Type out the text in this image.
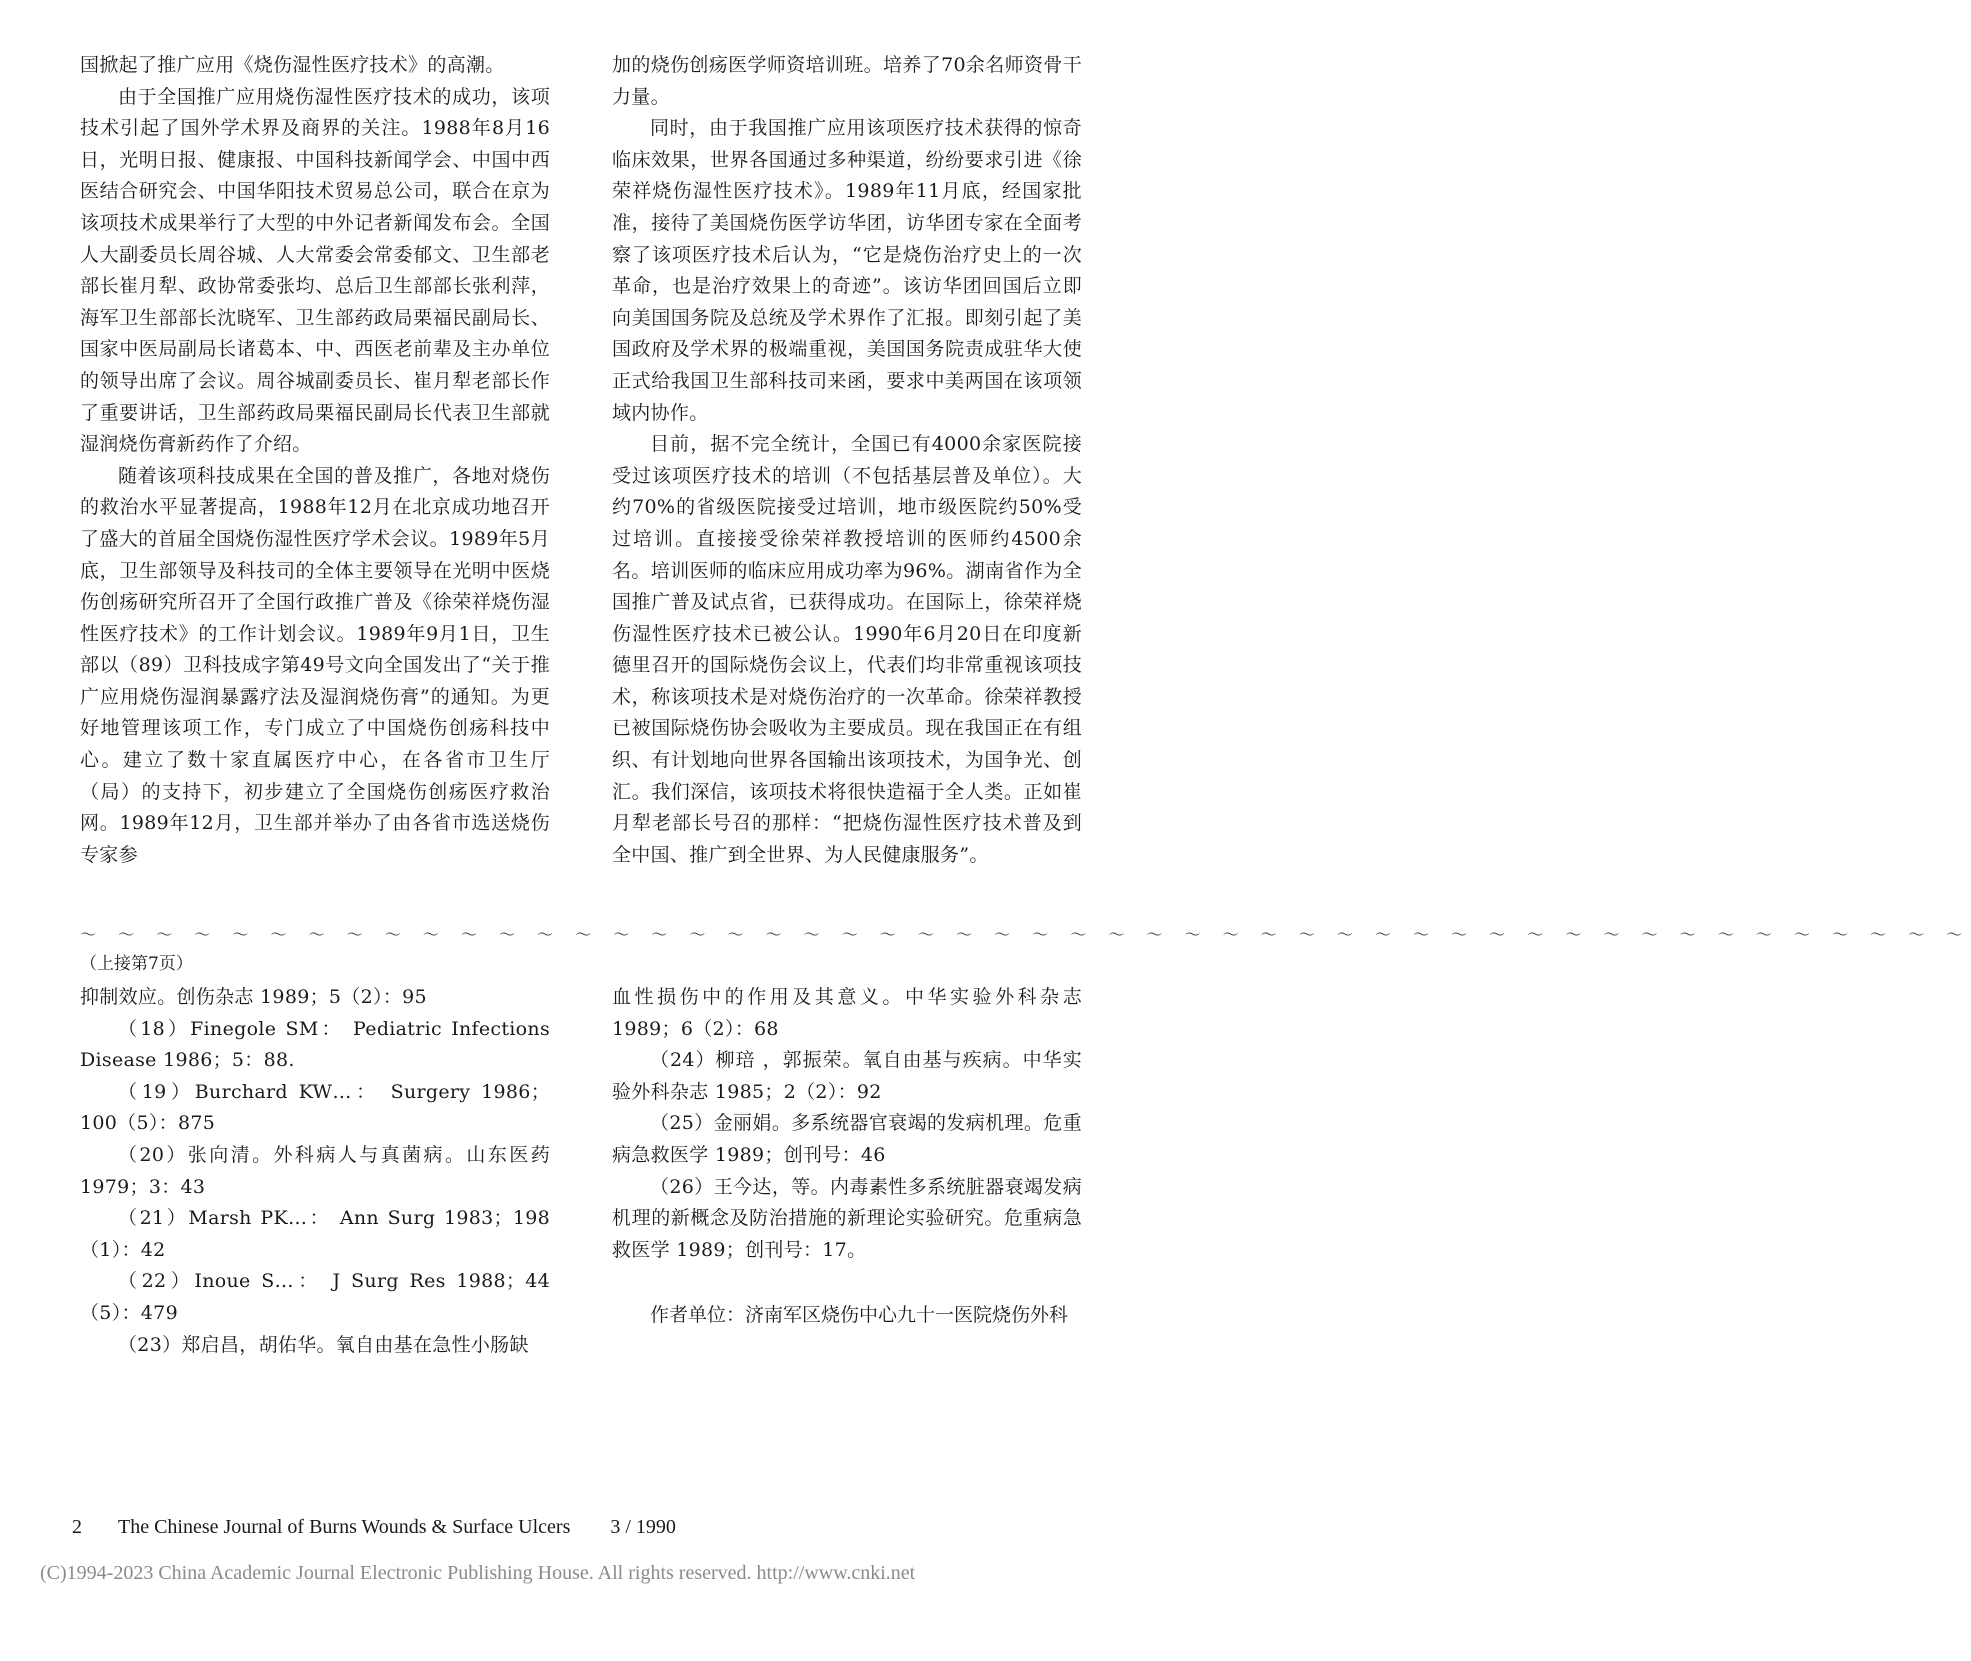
国掀起了推广应用《烧伤湿性医疗技术》的高潮。

由于全国推广应用烧伤湿性医疗技术的成功，该项技术引起了国外学术界及商界的关注。1988年8月16日，光明日报、健康报、中国科技新闻学会、中国中西医结合研究会、中国华阳技术贸易总公司，联合在京为该项技术成果举行了大型的中外记者新闻发布会。全国人大副委员长周谷城、人大常委会常委郁文、卫生部老部长崔月犁、政协常委张均、总后卫生部部长张利萍，海军卫生部部长沈晓军、卫生部药政局栗福民副局长、国家中医局副局长诸葛本、中、西医老前辈及主办单位的领导出席了会议。周谷城副委员长、崔月犁老部长作了重要讲话，卫生部药政局栗福民副局长代表卫生部就湿润烧伤膏新药作了介绍。

随着该项科技成果在全国的普及推广，各地对烧伤的救治水平显著提高，1988年12月在北京成功地召开了盛大的首届全国烧伤湿性医疗学术会议。1989年5月底，卫生部领导及科技司的全体主要领导在光明中医烧伤创疡研究所召开了全国行政推广普及《徐荣祥烧伤湿性医疗技术》的工作计划会议。1989年9月1日，卫生部以（89）卫科技成字第49号文向全国发出了“关于推广应用烧伤湿润暴露疗法及湿润烧伤膏”的通知。为更好地管理该项工作，专门成立了中国烧伤创疡科技中心。建立了数十家直属医疗中心，在各省市卫生厅（局）的支持下，初步建立了全国烧伤创疡医疗救治网。1989年12月，卫生部并举办了由各省市选送烧伤专家参

加的烧伤创疡医学师资培训班。培养了70余名师资骨干力量。

同时，由于我国推广应用该项医疗技术获得的惊奇临床效果，世界各国通过多种渠道，纷纷要求引进《徐荣祥烧伤湿性医疗技术》。1989年11月底，经国家批准，接待了美国烧伤医学访华团，访华团专家在全面考察了该项医疗技术后认为，“它是烧伤治疗史上的一次革命，也是治疗效果上的奇迹”。该访华团回国后立即向美国国务院及总统及学术界作了汇报。即刻引起了美国政府及学术界的极端重视，美国国务院责成驻华大使正式给我国卫生部科技司来函，要求中美两国在该项领域内协作。

目前，据不完全统计，全国已有4000余家医院接受过该项医疗技术的培训（不包括基层普及单位）。大约70%的省级医院接受过培训，地市级医院约50%受过培训。直接接受徐荣祥教授培训的医师约4500余名。培训医师的临床应用成功率为96%。湖南省作为全国推广普及试点省，已获得成功。在国际上，徐荣祥烧伤湿性医疗技术已被公认。1990年6月20日在印度新德里召开的国际烧伤会议上，代表们均非常重视该项技术，称该项技术是对烧伤治疗的一次革命。徐荣祥教授已被国际烧伤协会吸收为主要成员。现在我国正在有组织、有计划地向世界各国输出该项技术，为国争光、创汇。我们深信，该项技术将很快造福于全人类。正如崔月犁老部长号召的那样：“把烧伤湿性医疗技术普及到全中国、推广到全世界、为人民健康服务”。

～ ～ ～ ～ ～ ～ ～ ～ ～ ～ ～ ～ ～ ～ ～ ～ ～ ～ ～ ～ ～ ～ ～ ～ ～ ～ ～ ～ ～ ～ ～ ～ ～ ～ ～ ～ ～ ～ ～ ～ ～ ～ ～ ～ ～ ～ ～ ～ ～ ～
（上接第7页）

抑制效应。创伤杂志 1989；5（2）：95

（18）Finegole SM： Pediatric Infections Disease 1986；5：88.

（19）Burchard KW…： Surgery 1986；100（5）：875

（20）张向清。外科病人与真菌病。山东医药 1979；3：43

（21）Marsh PK…： Ann Surg 1983；198（1）：42

（22）Inoue S…： J Surg Res 1988；44（5）：479

（23）郑启昌，胡佑华。氧自由基在急性小肠缺

血性损伤中的作用及其意义。中华实验外科杂志 1989；6（2）：68

（24）柳琣 ，郭振荣。氧自由基与疾病。中华实验外科杂志 1985；2（2）：92

（25）金丽娟。多系统器官衰竭的发病机理。危重病急救医学 1989；创刊号：46

（26）王今达，等。内毒素性多系统脏器衰竭发病机理的新概念及防治措施的新理论实验研究。危重病急救医学 1989；创刊号：17。

作者单位：济南军区烧伤中心九十一医院烧伤外科
2 The Chinese Journal of Burns Wounds & Surface Ulcers 3 / 1990
(C)1994-2023 China Academic Journal Electronic Publishing House. All rights reserved. http://www.cnki.net
